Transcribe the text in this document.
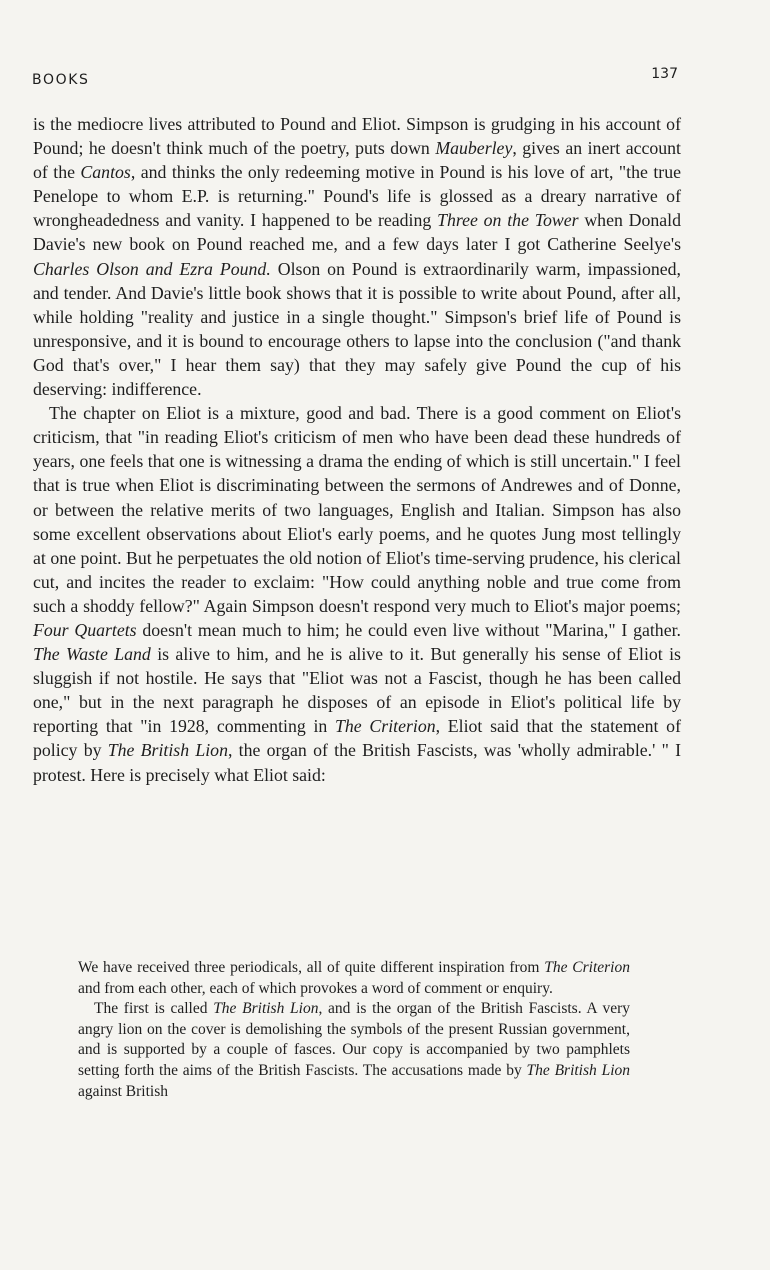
BOOKS	137

is the mediocre lives attributed to Pound and Eliot. Simpson is grudging in his account of Pound; he doesn't think much of the poetry, puts down Mauberley, gives an inert account of the Cantos, and thinks the only redeeming motive in Pound is his love of art, "the true Penelope to whom E.P. is returning." Pound's life is glossed as a dreary narrative of wrongheadedness and vanity. I happened to be reading Three on the Tower when Donald Davie's new book on Pound reached me, and a few days later I got Catherine Seelye's Charles Olson and Ezra Pound. Olson on Pound is extraordinarily warm, impassioned, and tender. And Davie's little book shows that it is possible to write about Pound, after all, while holding "reality and justice in a single thought." Simpson's brief life of Pound is unresponsive, and it is bound to encourage others to lapse into the conclusion ("and thank God that's over," I hear them say) that they may safely give Pound the cup of his deserving: indifference.

The chapter on Eliot is a mixture, good and bad. There is a good comment on Eliot's criticism, that "in reading Eliot's criticism of men who have been dead these hundreds of years, one feels that one is witnessing a drama the ending of which is still uncertain." I feel that is true when Eliot is discriminating between the sermons of Andrewes and of Donne, or between the relative merits of two languages, English and Italian. Simpson has also some excellent observations about Eliot's early poems, and he quotes Jung most tellingly at one point. But he perpetuates the old notion of Eliot's time-serving prudence, his clerical cut, and incites the reader to exclaim: "How could anything noble and true come from such a shoddy fellow?" Again Simpson doesn't respond very much to Eliot's major poems; Four Quartets doesn't mean much to him; he could even live without "Marina," I gather. The Waste Land is alive to him, and he is alive to it. But generally his sense of Eliot is sluggish if not hostile. He says that "Eliot was not a Fascist, though he has been called one," but in the next paragraph he disposes of an episode in Eliot's political life by reporting that "in 1928, commenting in The Criterion, Eliot said that the statement of policy by The British Lion, the organ of the British Fascists, was 'wholly admirable.' " I protest. Here is precisely what Eliot said:

We have received three periodicals, all of quite different inspiration from The Criterion and from each other, each of which provokes a word of comment or enquiry.

The first is called The British Lion, and is the organ of the British Fascists. A very angry lion on the cover is demolishing the symbols of the present Russian government, and is supported by a couple of fasces. Our copy is accompanied by two pamphlets setting forth the aims of the British Fascists. The accusations made by The British Lion against British
